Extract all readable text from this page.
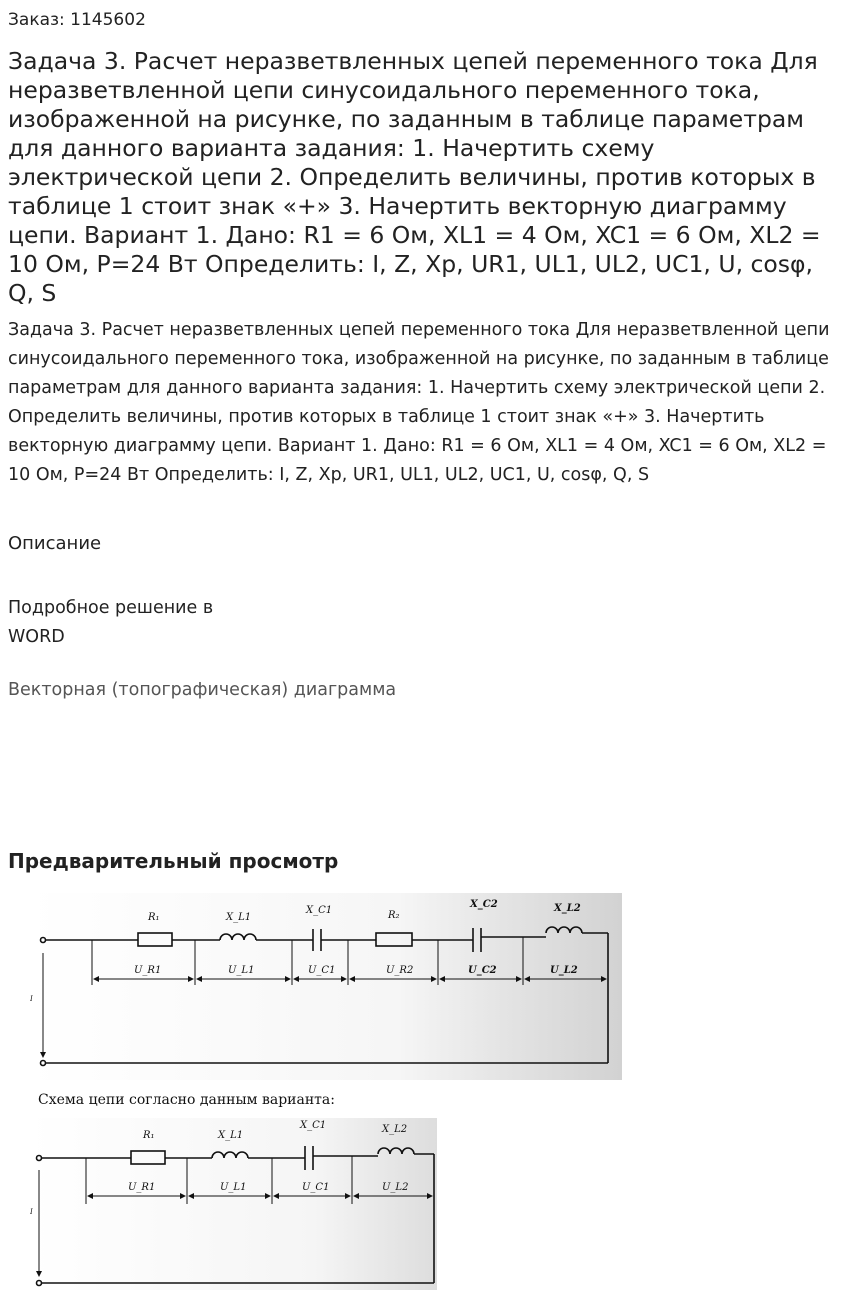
Заказ: 1145602
Задача 3. Расчет неразветвленных цепей переменного тока Для неразветвленной цепи синусоидального переменного тока, изображенной на рисунке, по заданным в таблице параметрам для данного варианта задания: 1. Начертить схему электрической цепи 2. Определить величины, против которых в таблице 1 стоит знак «+» 3. Начертить векторную диаграмму цепи. Вариант 1. Дано: R1 = 6 Ом, XL1 = 4 Ом, XC1 = 6 Ом, XL2 = 10 Ом, P=24 Вт Определить: I, Z, Xp, UR1, UL1, UL2, UC1, U, cosφ, Q, S

Задача 3. Расчет неразветвленных цепей переменного тока Для неразветвленной цепи синусоидального переменного тока, изображенной на рисунке, по заданным в таблице параметрам для данного варианта задания: 1. Начертить схему электрической цепи 2. Определить величины, против которых в таблице 1 стоит знак «+» 3. Начертить векторную диаграмму цепи. Вариант 1. Дано: R1 = 6 Ом, XL1 = 4 Ом, XC1 = 6 Ом, XL2 = 10 Ом, P=24 Вт Определить: I, Z, Xp, UR1, UL1, UL2, UC1, U, cosφ, Q, S

Описание
Подробное решение в
WORD
Векторная (топографическая) диаграмма
Предварительный просмотр
R₁	X_L1
X_C1	R₂
X_C2	X_L2
U_R1	U_L1	U_C1	U_R2	U_C2	U_L2
I
Схема цепи согласно данным варианта:
R₁	X_L1
X_C1	X_L2
U_R1	U_L1	U_C1	U_L2
I
